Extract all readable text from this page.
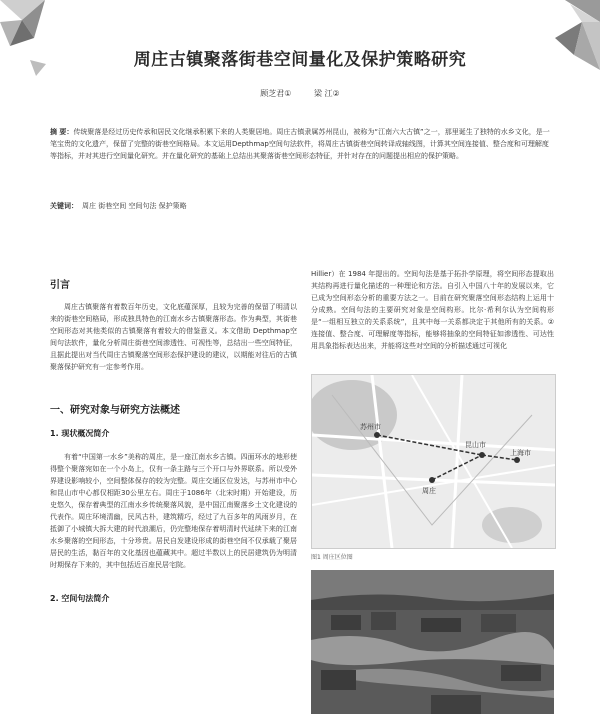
周庄古镇聚落街巷空间量化及保护策略研究
顾芝君①	梁 江②
摘 要：传统聚落是经过历史传承和居民文化继承积累下来的人类聚居地。周庄古镇隶属苏州昆山，被称为“江南六大古镇”之一，那里诞生了独特的水乡文化，是一笔宝贵的文化遗产，保留了完整的街巷空间格局。本文运用Depthmap空间句法软件，将周庄古镇街巷空间转译成轴线图，计算其空间连接值、整合度和可理解度等指标，并对其进行空间量化研究。并在量化研究的基础上总结出其聚落街巷空间形态特征，并针对存在的问题提出相应的保护策略。
关键词： 周庄 街巷空间 空间句法 保护策略

引言

周庄古镇聚落有着数百年历史，文化底蕴深厚，且较为完善的保留了明清以来的街巷空间格局，形成独具特色的江南水乡古镇聚落形态。作为典型，其街巷空间形态对其他类似的古镇聚落有着较大的借鉴意义。本文借助 Depthmap空间句法软件，量化分析周庄街巷空间渗透性、可视性等，总结出一些空间特征，且据此提出对当代周庄古镇聚落空间形态保护建设的建议，以期能对往后的古镇聚落保护研究有一定参考作用。

一、研究对象与研究方法概述

1. 现状概况简介

有着“中国第一水乡”美称的周庄，是一座江南水乡古镇。四面环水的地形使得整个聚落宛如在一个小岛上，仅有一条主路与三个开口与外界联系。所以受外界建设影响较小，空间整体保存的较为完整。周庄交通区位发达，与苏州市中心和昆山市中心都仅相距30公里左右。周庄于1086年（北宋时期）开始建设，历史悠久，保存着典型的江南水乡传统聚落风貌，是中国江南聚落乡土文化建设的代表作。周庄环境清幽，民风古朴，建筑精巧，经过了九百多年的风雨岁月，在抵御了小城镇大拆大建的时代浪潮后，仍完整地保存着明清时代延续下来的江南水乡聚落的空间形态，十分珍贵。居民自发建设形成的街巷空间不仅承载了聚居居民的生活，黏百年的文化基因也蕴藏其中。超过半数以上的民居建筑仍为明清时期保存下来的，其中包括近百座民居宅院。

2. 空间句法简介

Hillier）在 1984 年提出的。空间句法是基于拓扑学原理，将空间形态提取出其结构再进行量化描述的一种理论和方法。自引入中国八十年的发展以来，它已成为空间形态分析的重要方法之一。目前在研究聚落空间形态结构上运用十分成熟。空间句法的主要研究对象是空间构形。比尔·希利尔认为空间构形是“一组相互独立的关系系统”，且其中每一关系都决定于其他所有的关系。②连接值、整合度、可理解度等指标，能够将抽象的空间特征如渗透性、可达性用具象指标表达出来，并能将这些对空间的分析描述通过可视化

苏州市
昆山市
上海市
周庄
图1 周庄区位图
